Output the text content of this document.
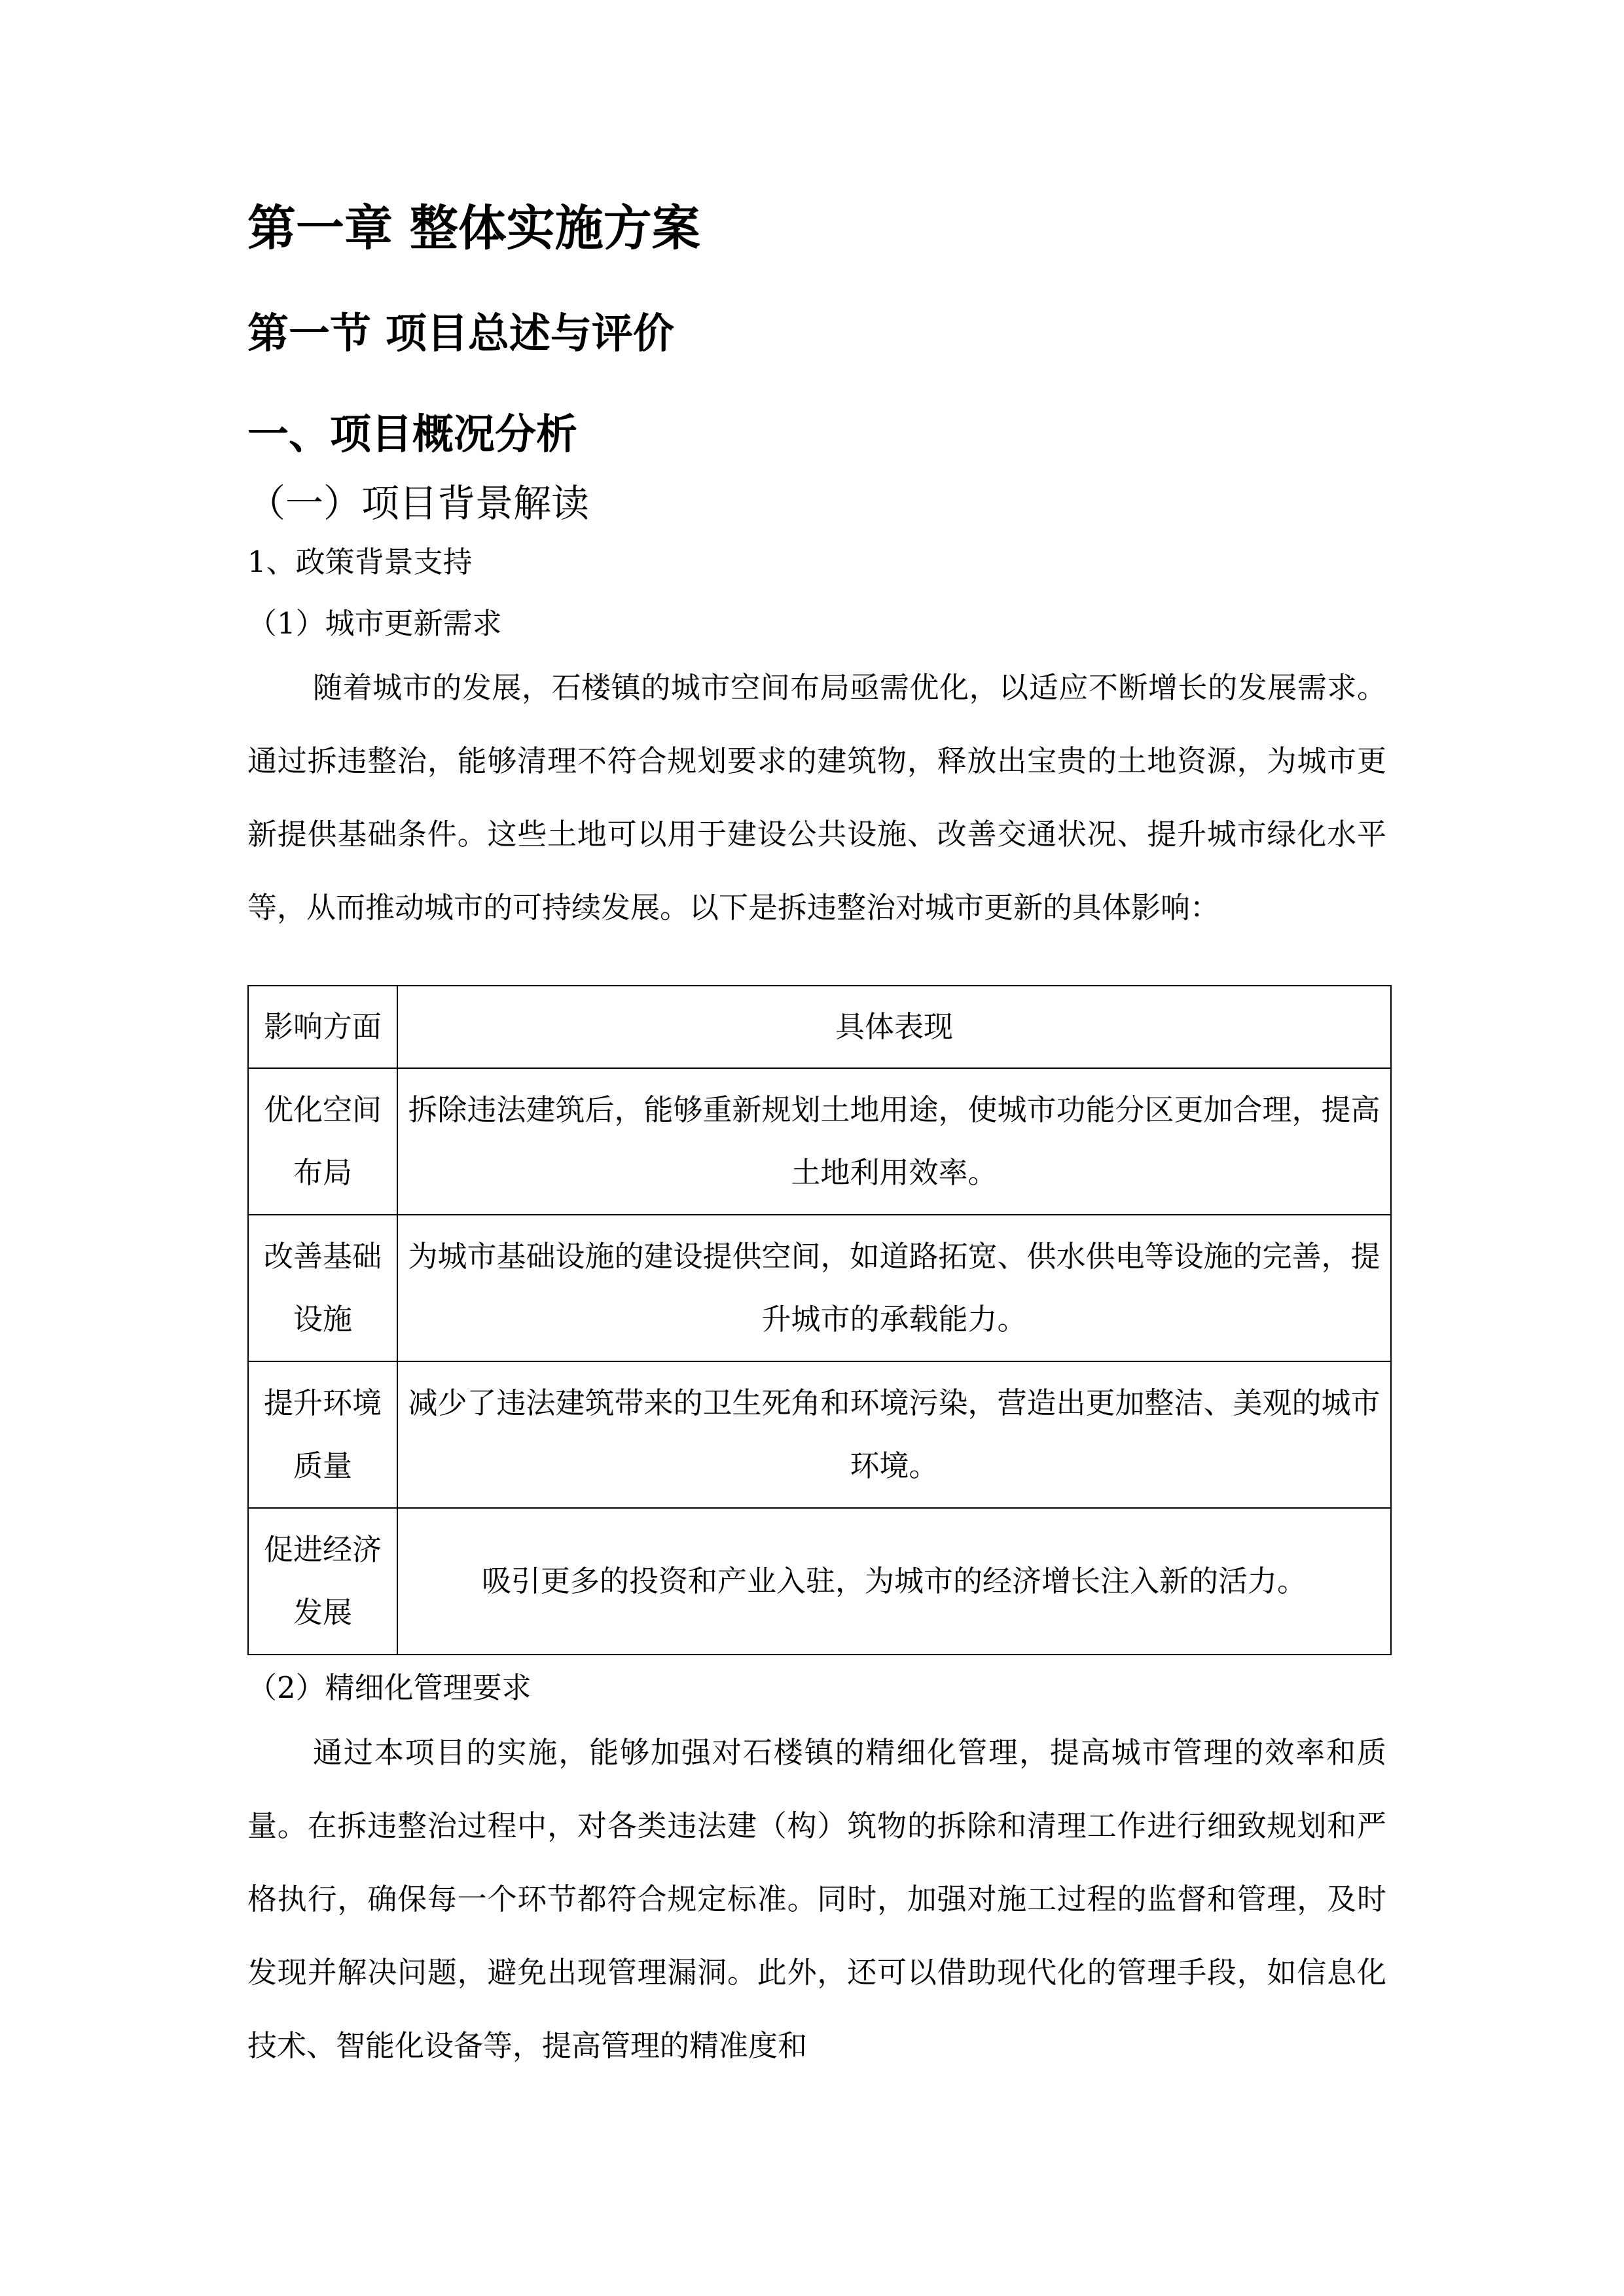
第一章 整体实施方案
第一节 项目总述与评价
一、项目概况分析
（一）项目背景解读
1、政策背景支持
（1）城市更新需求

随着城市的发展，石楼镇的城市空间布局亟需优化，以适应不断增长的发展需求。通过拆违整治，能够清理不符合规划要求的建筑物，释放出宝贵的土地资源，为城市更新提供基础条件。这些土地可以用于建设公共设施、改善交通状况、提升城市绿化水平等，从而推动城市的可持续发展。以下是拆违整治对城市更新的具体影响：

影响方面	具体表现
优化空间布局	拆除违法建筑后，能够重新规划土地用途，使城市功能分区更加合理，提高土地利用效率。
改善基础设施	为城市基础设施的建设提供空间，如道路拓宽、供水供电等设施的完善，提升城市的承载能力。
提升环境质量	减少了违法建筑带来的卫生死角和环境污染，营造出更加整洁、美观的城市环境。
促进经济发展	吸引更多的投资和产业入驻，为城市的经济增长注入新的活力。
（2）精细化管理要求

通过本项目的实施，能够加强对石楼镇的精细化管理，提高城市管理的效率和质量。在拆违整治过程中，对各类违法建（构）筑物的拆除和清理工作进行细致规划和严格执行，确保每一个环节都符合规定标准。同时，加强对施工过程的监督和管理，及时发现并解决问题，避免出现管理漏洞。此外，还可以借助现代化的管理手段，如信息化技术、智能化设备等，提高管理的精准度和
